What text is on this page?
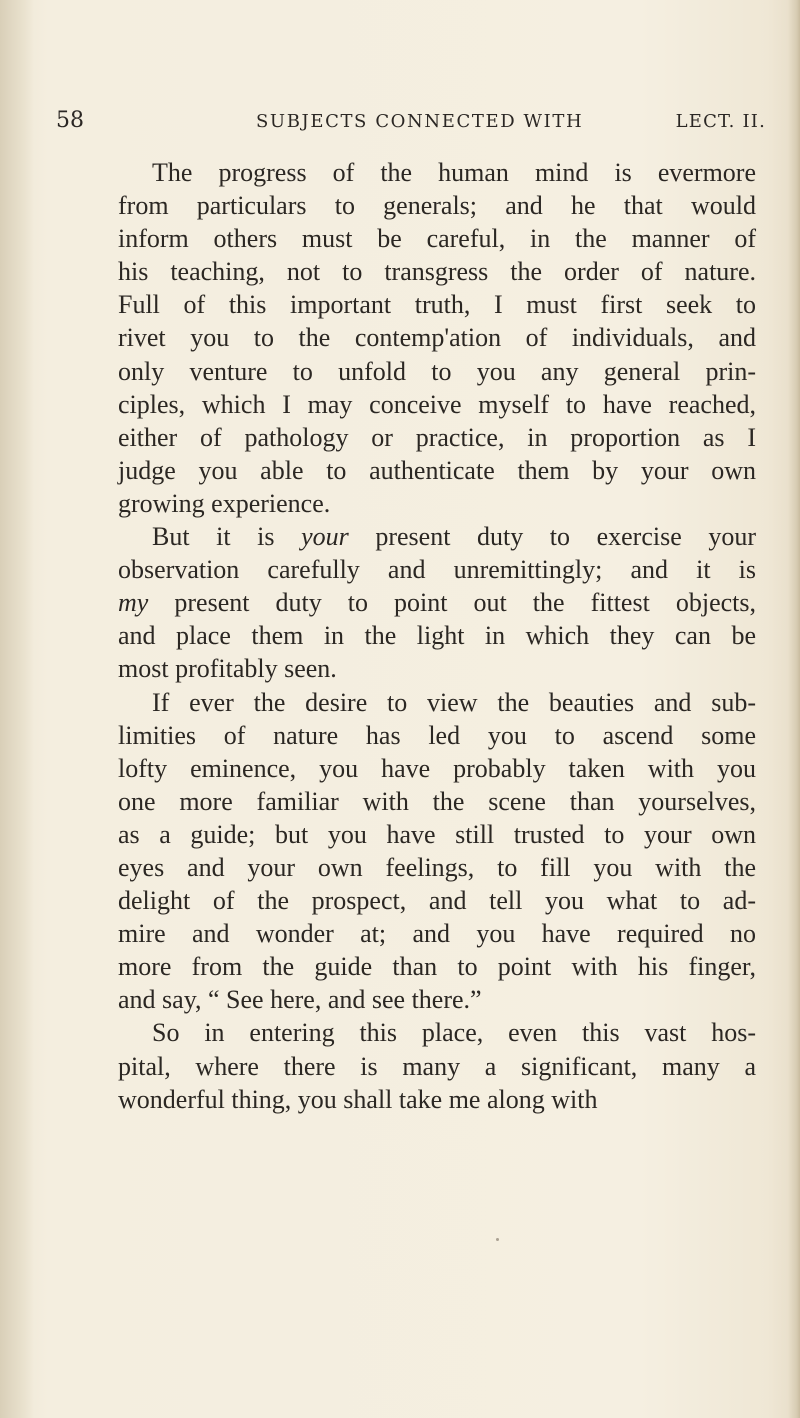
58	SUBJECTS CONNECTED WITH	LECT. II.

The progress of the human mind is evermore
from particulars to generals; and he that would
inform others must be careful, in the manner of
his teaching, not to transgress the order of nature.
Full of this important truth, I must first seek to
rivet you to the contemp'ation of individuals, and
only venture to unfold to you any general prin-
ciples, which I may conceive myself to have reached,
either of pathology or practice, in proportion as I
judge you able to authenticate them by your own
growing experience.

But it is your present duty to exercise your
observation carefully and unremittingly; and it is
my present duty to point out the fittest objects,
and place them in the light in which they can be
most profitably seen.

If ever the desire to view the beauties and sub-
limities of nature has led you to ascend some
lofty eminence, you have probably taken with you
one more familiar with the scene than yourselves,
as a guide; but you have still trusted to your own
eyes and your own feelings, to fill you with the
delight of the prospect, and tell you what to ad-
mire and wonder at; and you have required no
more from the guide than to point with his finger,
and say, “ See here, and see there.”

So in entering this place, even this vast hos-
pital, where there is many a significant, many a
wonderful thing, you shall take me along with
